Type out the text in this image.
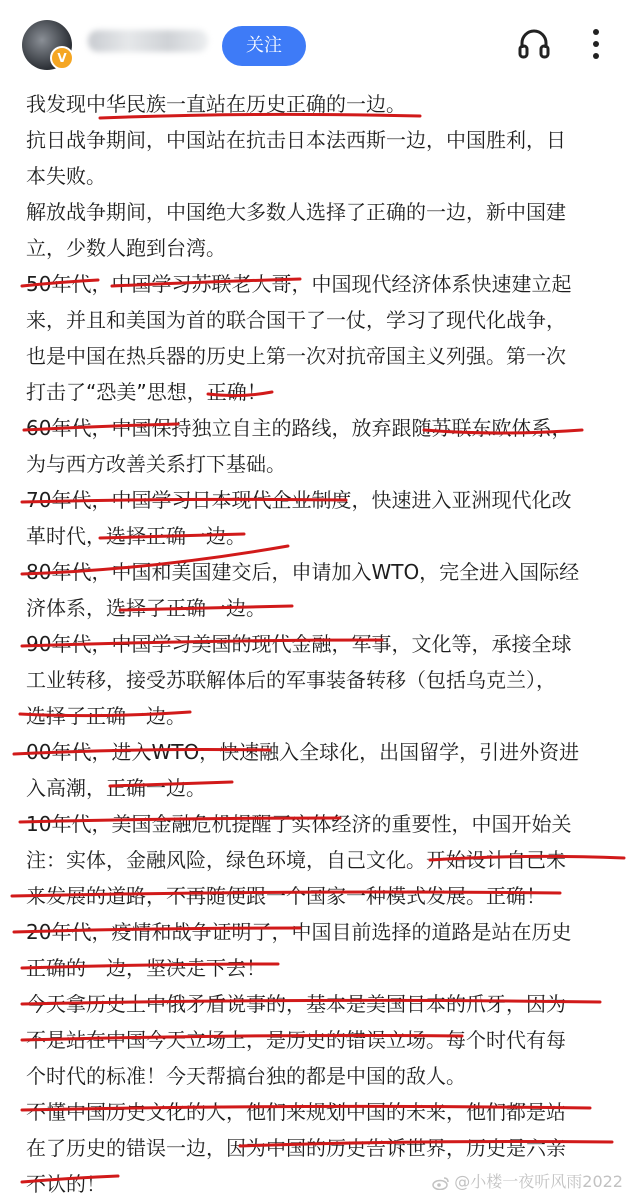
V
关注
我发现中华民族一直站在历史正确的一边。
抗日战争期间，中国站在抗击日本法西斯一边，中国胜利，日
本失败。
解放战争期间，中国绝大多数人选择了正确的一边，新中国建
立，少数人跑到台湾。
50年代，中国学习苏联老大哥，中国现代经济体系快速建立起
来，并且和美国为首的联合国干了一仗，学习了现代化战争，
也是中国在热兵器的历史上第一次对抗帝国主义列强。第一次
打击了“恐美”思想，正确！
60年代，中国保持独立自主的路线，放弃跟随苏联东欧体系，
为与西方改善关系打下基础。
70年代，中国学习日本现代企业制度，快速进入亚洲现代化改
革时代，选择正确一边。
80年代，中国和美国建交后，申请加入WTO，完全进入国际经
济体系，选择了正确一边。
90年代，中国学习美国的现代金融，军事，文化等，承接全球
工业转移，接受苏联解体后的军事装备转移（包括乌克兰），
选择了正确一边。
00年代，进入WTO，快速融入全球化，出国留学，引进外资进
入高潮，正确一边。
10年代，美国金融危机提醒了实体经济的重要性，中国开始关
注：实体，金融风险，绿色环境，自己文化。开始设计自己未
来发展的道路，不再随便跟一个国家一种模式发展。正确！
20年代，疫情和战争证明了，中国目前选择的道路是站在历史
正确的一边，坚决走下去！
今天拿历史上中俄矛盾说事的，基本是美国日本的爪牙，因为
不是站在中国今天立场上，是历史的错误立场。每个时代有每
个时代的标准！今天帮搞台独的都是中国的敌人。
不懂中国历史文化的人，他们来规划中国的未来，他们都是站
在了历史的错误一边，因为中国的历史告诉世界，历史是六亲
不认的！	@小楼一夜听风雨2022
